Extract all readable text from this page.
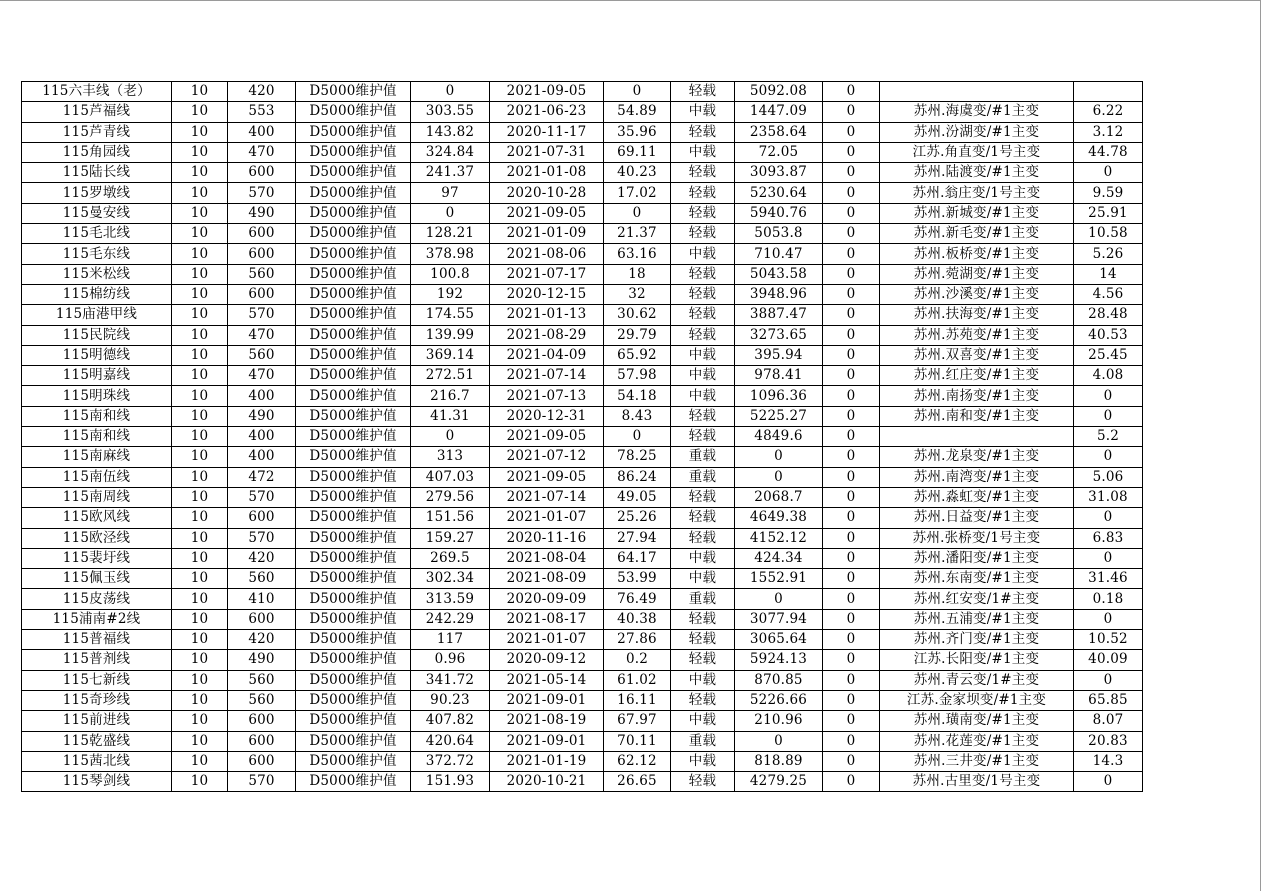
115六丰线（老）	10	420	D5000维护值	0	2021-09-05	0	轻载	5092.08	0		
115芦福线	10	553	D5000维护值	303.55	2021-06-23	54.89	中载	1447.09	0	苏州.海虞变/#1主变	6.22
115芦青线	10	400	D5000维护值	143.82	2020-11-17	35.96	轻载	2358.64	0	苏州.汾湖变/#1主变	3.12
115角园线	10	470	D5000维护值	324.84	2021-07-31	69.11	中载	72.05	0	江苏.角直变/1号主变	44.78
115陆长线	10	600	D5000维护值	241.37	2021-01-08	40.23	轻载	3093.87	0	苏州.陆渡变/#1主变	0
115罗墩线	10	570	D5000维护值	97	2020-10-28	17.02	轻载	5230.64	0	苏州.翁庄变/1号主变	9.59
115曼安线	10	490	D5000维护值	0	2021-09-05	0	轻载	5940.76	0	苏州.新城变/#1主变	25.91
115毛北线	10	600	D5000维护值	128.21	2021-01-09	21.37	轻载	5053.8	0	苏州.新毛变/#1主变	10.58
115毛东线	10	600	D5000维护值	378.98	2021-08-06	63.16	中载	710.47	0	苏州.板桥变/#1主变	5.26
115米松线	10	560	D5000维护值	100.8	2021-07-17	18	轻载	5043.58	0	苏州.菀湖变/#1主变	14
115棉纺线	10	600	D5000维护值	192	2020-12-15	32	轻载	3948.96	0	苏州.沙溪变/#1主变	4.56
115庙港甲线	10	570	D5000维护值	174.55	2021-01-13	30.62	轻载	3887.47	0	苏州.扶海变/#1主变	28.48
115民院线	10	470	D5000维护值	139.99	2021-08-29	29.79	轻载	3273.65	0	苏州.苏苑变/#1主变	40.53
115明德线	10	560	D5000维护值	369.14	2021-04-09	65.92	中载	395.94	0	苏州.双喜变/#1主变	25.45
115明嘉线	10	470	D5000维护值	272.51	2021-07-14	57.98	中载	978.41	0	苏州.红庄变/#1主变	4.08
115明珠线	10	400	D5000维护值	216.7	2021-07-13	54.18	中载	1096.36	0	苏州.南扬变/#1主变	0
115南和线	10	490	D5000维护值	41.31	2020-12-31	8.43	轻载	5225.27	0	苏州.南和变/#1主变	0
115南和线	10	400	D5000维护值	0	2021-09-05	0	轻载	4849.6	0		5.2
115南麻线	10	400	D5000维护值	313	2021-07-12	78.25	重载	0	0	苏州.龙泉变/#1主变	0
115南伍线	10	472	D5000维护值	407.03	2021-09-05	86.24	重载	0	0	苏州.南湾变/#1主变	5.06
115南周线	10	570	D5000维护值	279.56	2021-07-14	49.05	轻载	2068.7	0	苏州.淼虹变/#1主变	31.08
115欧风线	10	600	D5000维护值	151.56	2021-01-07	25.26	轻载	4649.38	0	苏州.日益变/#1主变	0
115欧泾线	10	570	D5000维护值	159.27	2020-11-16	27.94	轻载	4152.12	0	苏州.张桥变/1号主变	6.83
115裴圩线	10	420	D5000维护值	269.5	2021-08-04	64.17	中载	424.34	0	苏州.潘阳变/#1主变	0
115佩玉线	10	560	D5000维护值	302.34	2021-08-09	53.99	中载	1552.91	0	苏州.东南变/#1主变	31.46
115皮荡线	10	410	D5000维护值	313.59	2020-09-09	76.49	重载	0	0	苏州.红安变/1#主变	0.18
115浦南#2线	10	600	D5000维护值	242.29	2021-08-17	40.38	轻载	3077.94	0	苏州.五浦变/#1主变	0
115普福线	10	420	D5000维护值	117	2021-01-07	27.86	轻载	3065.64	0	苏州.齐门变/#1主变	10.52
115普剂线	10	490	D5000维护值	0.96	2020-09-12	0.2	轻载	5924.13	0	江苏.长阳变/#1主变	40.09
115七新线	10	560	D5000维护值	341.72	2021-05-14	61.02	中载	870.85	0	苏州.青云变/1#主变	0
115奇珍线	10	560	D5000维护值	90.23	2021-09-01	16.11	轻载	5226.66	0	江苏.金家坝变/#1主变	65.85
115前进线	10	600	D5000维护值	407.82	2021-08-19	67.97	中载	210.96	0	苏州.璜南变/#1主变	8.07
115乾盛线	10	600	D5000维护值	420.64	2021-09-01	70.11	重载	0	0	苏州.花莲变/#1主变	20.83
115茜北线	10	600	D5000维护值	372.72	2021-01-19	62.12	中载	818.89	0	苏州.三井变/#1主变	14.3
115琴剑线	10	570	D5000维护值	151.93	2020-10-21	26.65	轻载	4279.25	0	苏州.古里变/1号主变	0
